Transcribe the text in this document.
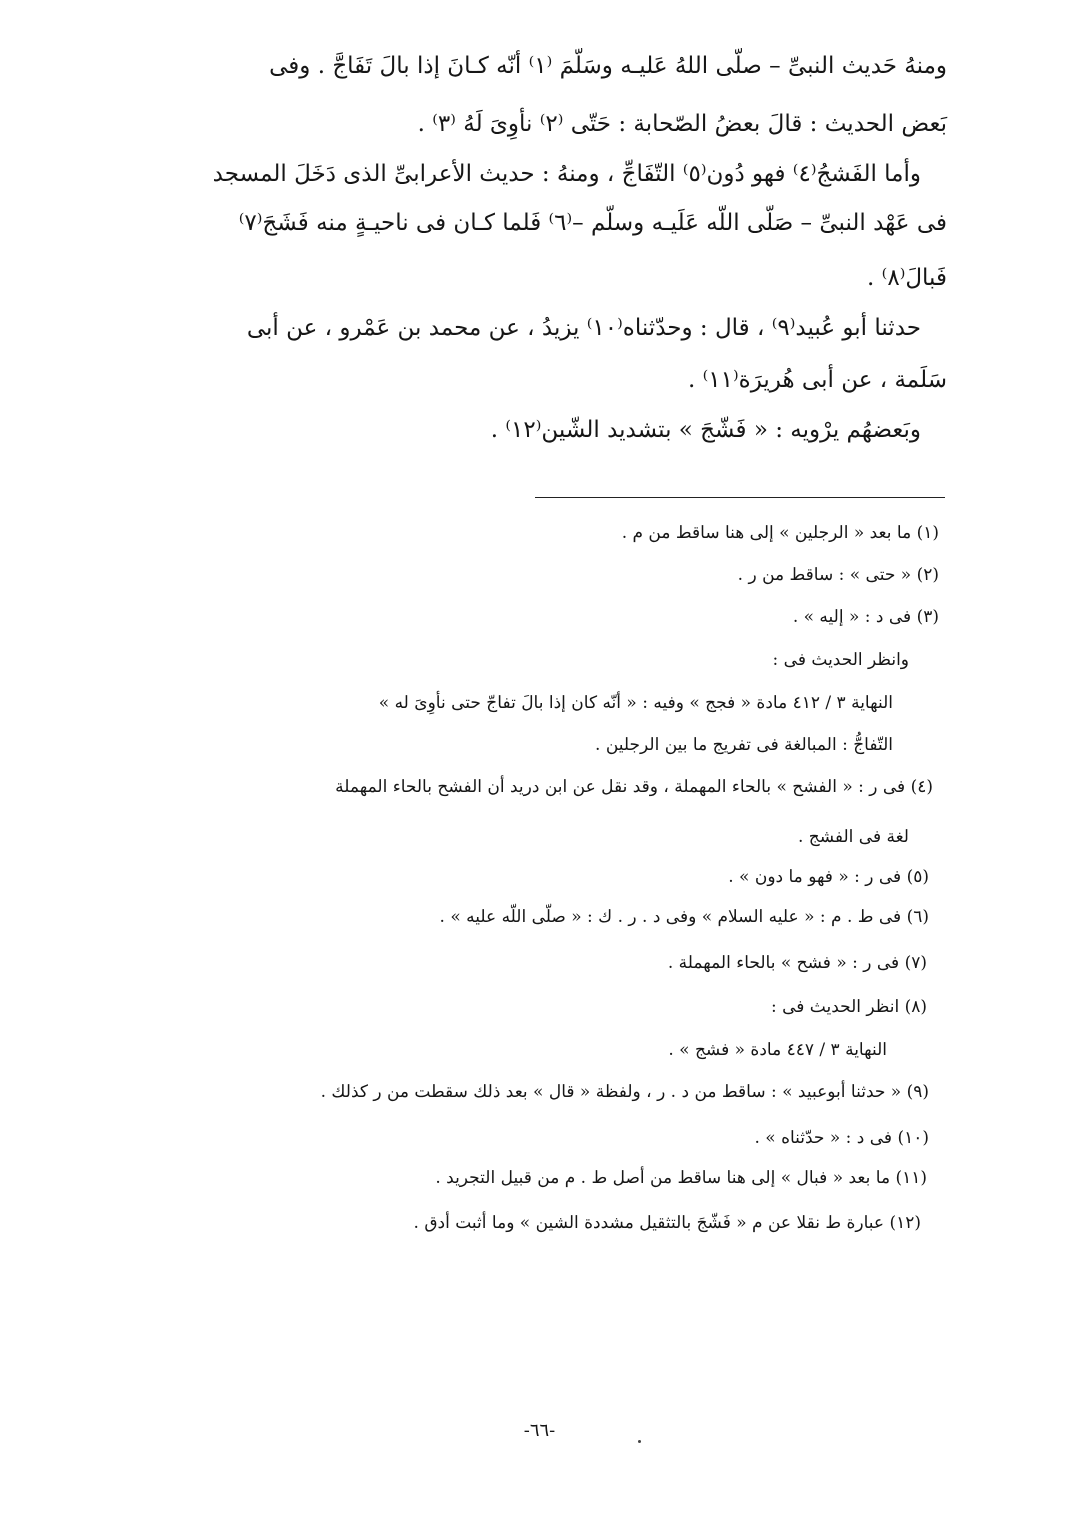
ومنهُ حَديث النبىِّ – صلّى اللهُ عَليـه وسَلّمَ ⁽١⁾ أنّه كـانَ إذا بالَ تَفَاجَّ . وفى
بَعض الحديث : قالَ بعضُ الصّحابة : حَتّى ⁽٢⁾ نأوِىَ لَهُ ⁽٣⁾ .
وأما الفَشجُ⁽٤⁾ فهو دُون⁽٥⁾ التّفَاجِّ ، ومنهُ : حديث الأعرابىِّ الذى دَخَلَ المسجد
فى عَهْد النبىِّ – صَلّى اللّه عَلَيـه وسلّم –⁽٦⁾ فَلما كـان فى ناحيـةٍ منه فَشَجَ⁽٧⁾
فَبالَ⁽٨⁾ .
حدثنا أبو عُبيد⁽٩⁾ ، قال : وحدّثناه⁽١٠⁾ يزيدُ ، عن محمد بن عَمْرو ، عن أبى
سَلَمة ، عن أبى هُريرَة⁽١١⁾ .
وبَعضهُم يرْويه : « فَشّجَ » بتشديد الشّين⁽١٢⁾ .
(١) ما بعد « الرجلين » إلى هنا ساقط من م .
(٢) « حتى » : ساقط من ر .
(٣) فى د : « إليه » .
وانظر الحديث فى :
النهاية ٣ / ٤١٢ مادة « فجج » وفيه : « أنّه كان إذا بالَ تفاجّ حتى نأوِىَ له »
التّفاجُّ : المبالغة فى تفريج ما بين الرجلين .
(٤) فى ر : « الفشح » بالحاء المهملة ، وقد نقل عن ابن دريد أن الفشح بالحاء المهملة
لغة فى الفشج .
(٥) فى ر : « فهو ما دون » .
(٦) فى ط . م : « عليه السلام » وفى د . ر . ك : « صلّى اللّه عليه » .
(٧) فى ر : « فشح » بالحاء المهملة .
(٨) انظر الحديث فى :
النهاية ٣ / ٤٤٧ مادة « فشج » .
(٩) « حدثنا أبوعبيد » : ساقط من د . ر ، ولفظة « قال » بعد ذلك سقطت من ر كذلك .
(١٠) فى د : « حدّثناه » .
(١١) ما بعد « فبال » إلى هنا ساقط من أصل ط . م من قبيل التجريد .
(١٢) عبارة ط نقلا عن م « فَشّجَ بالتثقيل مشددة الشين » وما أثبت أدق .
-٦٦-
